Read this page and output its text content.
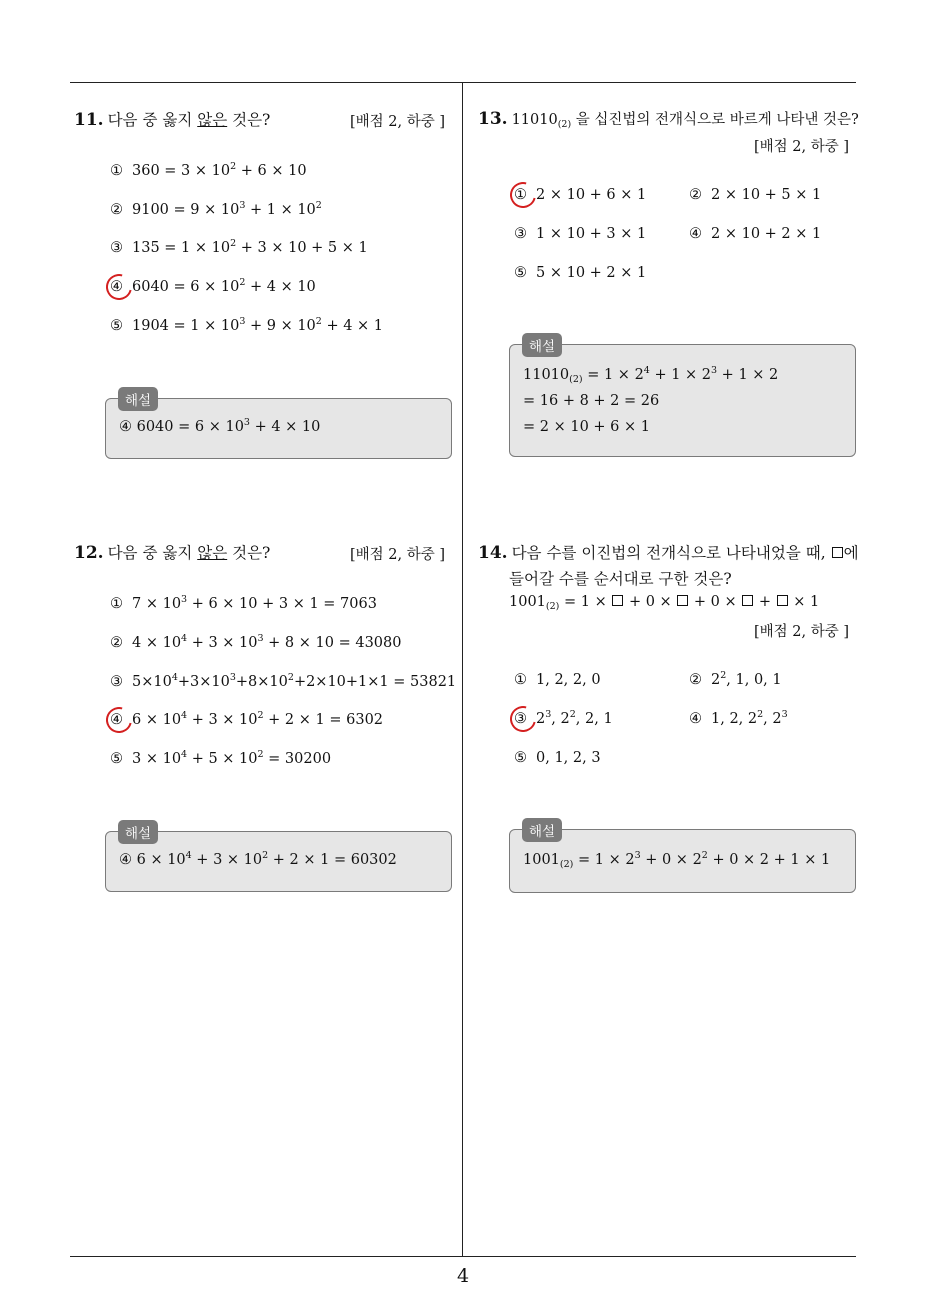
4
11. 다음 중 옳지 않은 것은?	[배점 2, 하중 ]
① $360 = 3 \times 10^2 + 6 \times 10$
② $9100 = 9 \times 10^3 + 1 \times 10^2$
③ $135 = 1 \times 10^2 + 3 \times 10 + 5 \times 1$
④ $6040 = 6 \times 10^2 + 4 \times 10$
⑤ $1904 = 1 \times 10^3 + 9 \times 10^2 + 4 \times 1$
해설
④ $6040 = 6 \times 10^3 + 4 \times 10$
12. 다음 중 옳지 않은 것은?	[배점 2, 하중 ]
① $7 \times 10^3 + 6 \times 10 + 3 \times 1 = 7063$
② $4 \times 10^4 + 3 \times 10^3 + 8 \times 10 = 43080$
③ $5\times 10^4+3\times 10^3+8\times 10^2+2\times 10+1\times 1 = 53821$
④ $6 \times 10^4 + 3 \times 10^2 + 2 \times 1 = 6302$
⑤ $3 \times 10^4 + 5 \times 10^2 = 30200$
해설
④ $6 \times 10^4 + 3 \times 10^2 + 2 \times 1 = 60302$
13. $11010_{(2)}$ 을 십진법의 전개식으로 바르게 나타낸 것은?
[배점 2, 하중 ]
① 2 × 10 + 6 × 1	② 2 × 10 + 5 × 1
③ 1 × 10 + 3 × 1	④ 2 × 10 + 2 × 1
⑤ 5 × 10 + 2 × 1
해설
$11010_{(2)} = 1 \times 2^4 + 1 \times 2^3 + 1 \times 2$
= 16 + 8 + 2 = 26
= 2 × 10 + 6 × 1
14. 다음 수를 이진법의 전개식으로 나타내었을 때, 에
들어갈 수를 순서대로 구한 것은?
$1001_{(2)} = 1$ ×  + 0 ×  + 0 ×  +  × 1
[배점 2, 하중 ]
① 1, 2, 2, 0	② $2^2$, 1, 0, 1
③ $2^3$, $2^2$, 2, 1	④ 1, 2, $2^2$, $2^3$
⑤ 0, 1, 2, 3
해설
$1001_{(2)} = 1 \times 2^3 + 0 \times 2^2 + 0 \times 2 + 1 \times 1$
